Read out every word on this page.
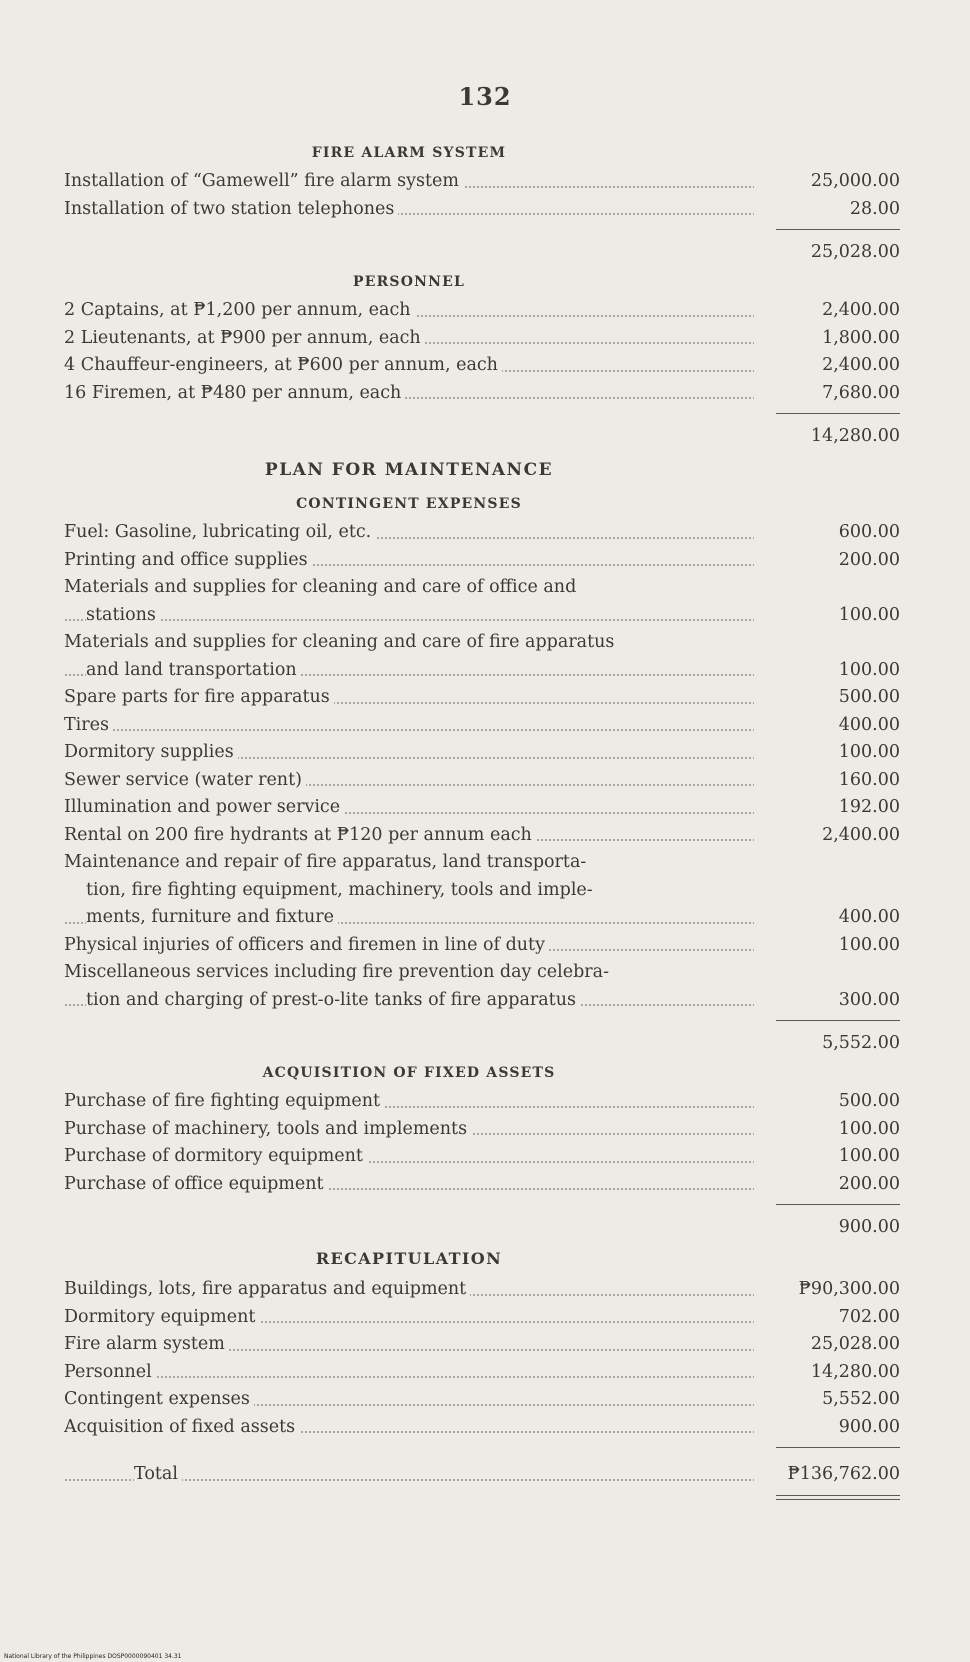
132
FIRE ALARM SYSTEM
Installation of “Gamewell” fire alarm system	25,000.00
Installation of two station telephones	28.00
25,028.00
PERSONNEL
2 Captains, at ₱1,200 per annum, each	2,400.00
2 Lieutenants, at ₱900 per annum, each	1,800.00
4 Chauffeur-engineers, at ₱600 per annum, each	2,400.00
16 Firemen, at ₱480 per annum, each	7,680.00
14,280.00
PLAN FOR MAINTENANCE
CONTINGENT EXPENSES
Fuel: Gasoline, lubricating oil, etc.	600.00
Printing and office supplies	200.00
Materials and supplies for cleaning and care of office and
stations	100.00
Materials and supplies for cleaning and care of fire apparatus
and land transportation	100.00
Spare parts for fire apparatus	500.00
Tires	400.00
Dormitory supplies	100.00
Sewer service (water rent)	160.00
Illumination and power service	192.00
Rental on 200 fire hydrants at ₱120 per annum each	2,400.00
Maintenance and repair of fire apparatus, land transporta-
tion, fire fighting equipment, machinery, tools and imple-
ments, furniture and fixture	400.00
Physical injuries of officers and firemen in line of duty	100.00
Miscellaneous services including fire prevention day celebra-
tion and charging of prest-o-lite tanks of fire apparatus	300.00
5,552.00
ACQUISITION OF FIXED ASSETS
Purchase of fire fighting equipment	500.00
Purchase of machinery, tools and implements	100.00
Purchase of dormitory equipment	100.00
Purchase of office equipment	200.00
900.00
RECAPITULATION
Buildings, lots, fire apparatus and equipment	₱90,300.00
Dormitory equipment	702.00
Fire alarm system	25,028.00
Personnel	14,280.00
Contingent expenses	5,552.00
Acquisition of fixed assets	900.00
Total	₱136,762.00
National Library of the Philippines DOSP0000090401 34.31
